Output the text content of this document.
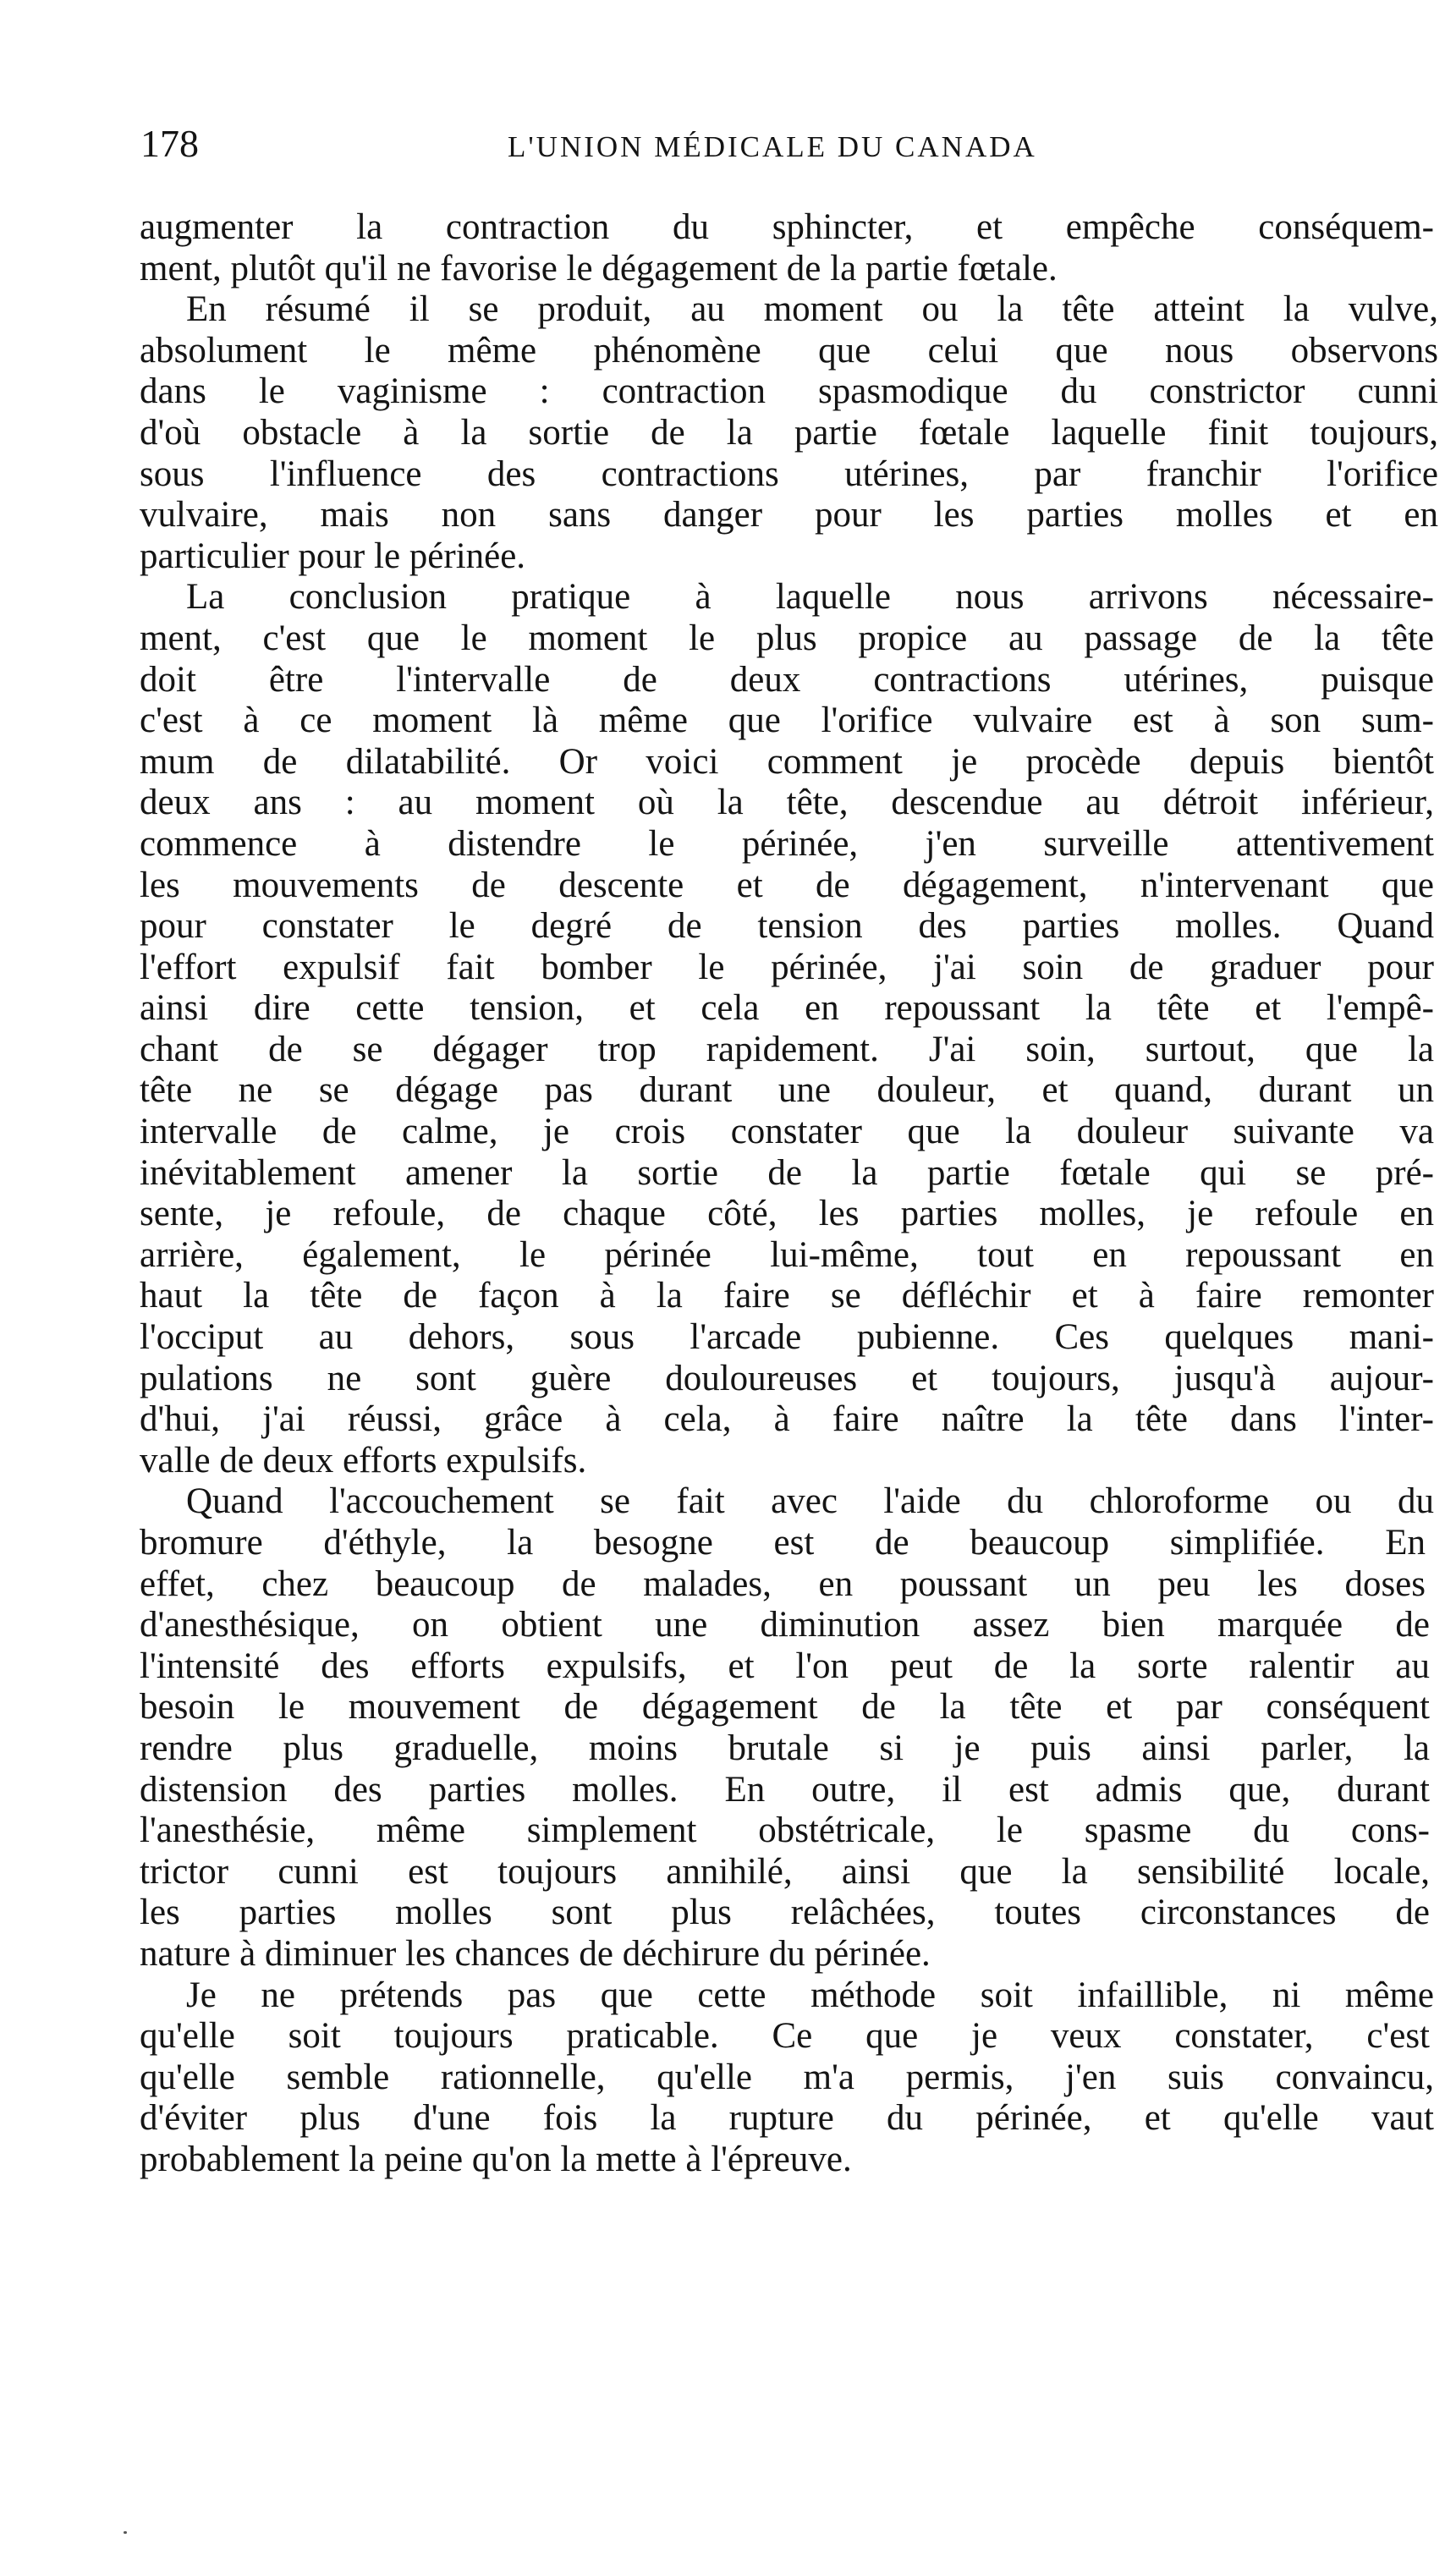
178	L'UNION MÉDICALE DU CANADA
augmenter la contraction du sphincter, et empêche conséquem-
ment, plutôt qu'il ne favorise le dégagement de la partie fœtale.
En résumé il se produit, au moment ou la tête atteint la vulve,
absolument le même phénomène que celui que nous observons
dans le vaginisme : contraction spasmodique du constrictor cunni
d'où obstacle à la sortie de la partie fœtale laquelle finit toujours,
sous l'influence des contractions utérines, par franchir l'orifice
vulvaire, mais non sans danger pour les parties molles et en
particulier pour le périnée.
La conclusion pratique à laquelle nous arrivons nécessaire-
ment, c'est que le moment le plus propice au passage de la tête
doit être l'intervalle de deux contractions utérines, puisque
c'est à ce moment là même que l'orifice vulvaire est à son sum-
mum de dilatabilité. Or voici comment je procède depuis bientôt
deux ans : au moment où la tête, descendue au détroit inférieur,
commence à distendre le périnée, j'en surveille attentivement
les mouvements de descente et de dégagement, n'intervenant que
pour constater le degré de tension des parties molles. Quand
l'effort expulsif fait bomber le périnée, j'ai soin de graduer pour
ainsi dire cette tension, et cela en repoussant la tête et l'empê-
chant de se dégager trop rapidement. J'ai soin, surtout, que la
tête ne se dégage pas durant une douleur, et quand, durant un
intervalle de calme, je crois constater que la douleur suivante va
inévitablement amener la sortie de la partie fœtale qui se pré-
sente, je refoule, de chaque côté, les parties molles, je refoule en
arrière, également, le périnée lui-même, tout en repoussant en
haut la tête de façon à la faire se défléchir et à faire remonter
l'occiput au dehors, sous l'arcade pubienne. Ces quelques mani-
pulations ne sont guère douloureuses et toujours, jusqu'à aujour-
d'hui, j'ai réussi, grâce à cela, à faire naître la tête dans l'inter-
valle de deux efforts expulsifs.
Quand l'accouchement se fait avec l'aide du chloroforme ou du
bromure d'éthyle, la besogne est de beaucoup simplifiée. En
effet, chez beaucoup de malades, en poussant un peu les doses
d'anesthésique, on obtient une diminution assez bien marquée de
l'intensité des efforts expulsifs, et l'on peut de la sorte ralentir au
besoin le mouvement de dégagement de la tête et par conséquent
rendre plus graduelle, moins brutale si je puis ainsi parler, la
distension des parties molles. En outre, il est admis que, durant
l'anesthésie, même simplement obstétricale, le spasme du cons-
trictor cunni est toujours annihilé, ainsi que la sensibilité locale,
les parties molles sont plus relâchées, toutes circonstances de
nature à diminuer les chances de déchirure du périnée.
Je ne prétends pas que cette méthode soit infaillible, ni même
qu'elle soit toujours praticable. Ce que je veux constater, c'est
qu'elle semble rationnelle, qu'elle m'a permis, j'en suis convaincu,
d'éviter plus d'une fois la rupture du périnée, et qu'elle vaut
probablement la peine qu'on la mette à l'épreuve.
